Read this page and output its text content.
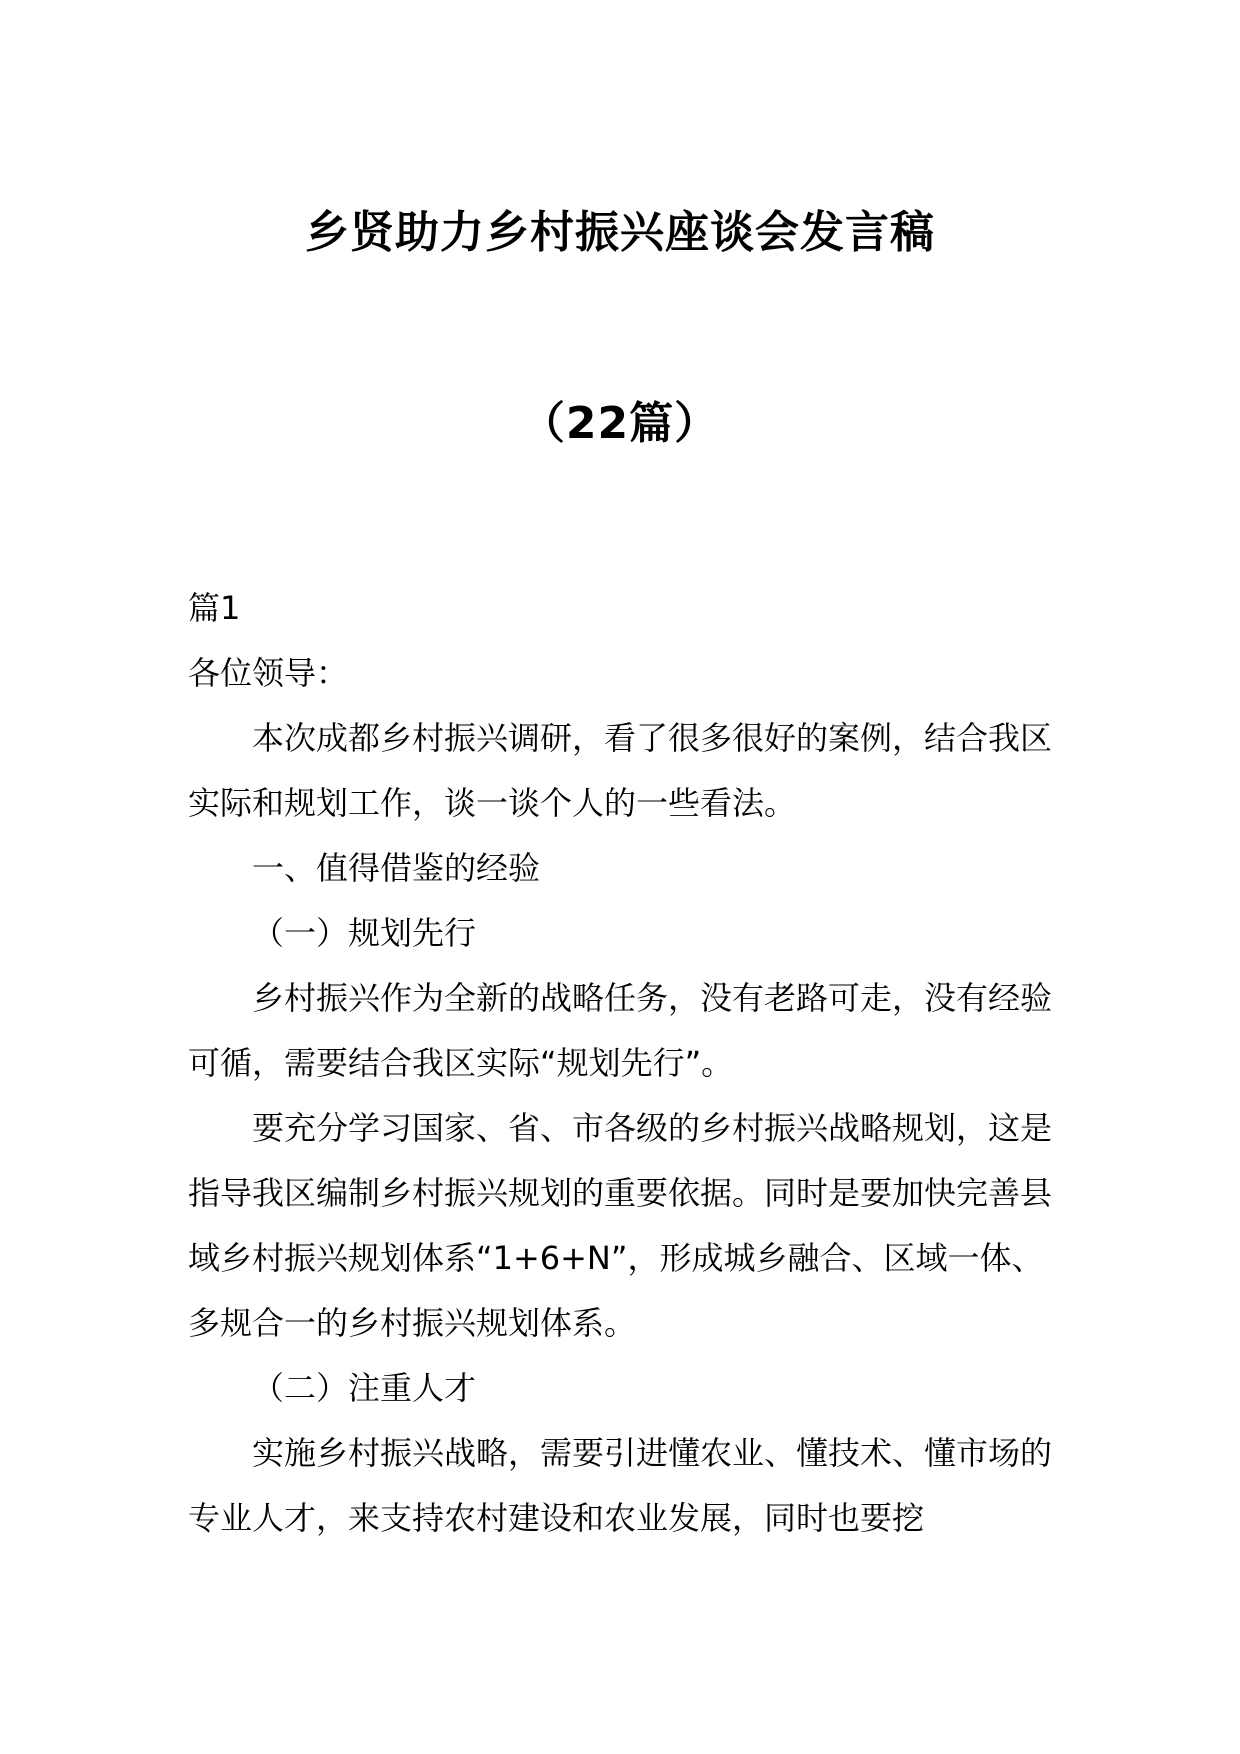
乡贤助力乡村振兴座谈会发言稿
（22篇）

篇1

各位领导：

本次成都乡村振兴调研，看了很多很好的案例，结合我区实际和规划工作，谈一谈个人的一些看法。

一、值得借鉴的经验

（一）规划先行

乡村振兴作为全新的战略任务，没有老路可走，没有经验可循，需要结合我区实际“规划先行”。

要充分学习国家、省、市各级的乡村振兴战略规划，这是指导我区编制乡村振兴规划的重要依据。同时是要加快完善县域乡村振兴规划体系“1+6+N”，形成城乡融合、区域一体、多规合一的乡村振兴规划体系。

（二）注重人才

实施乡村振兴战略，需要引进懂农业、懂技术、懂市场的专业人才，来支持农村建设和农业发展，同时也要挖
